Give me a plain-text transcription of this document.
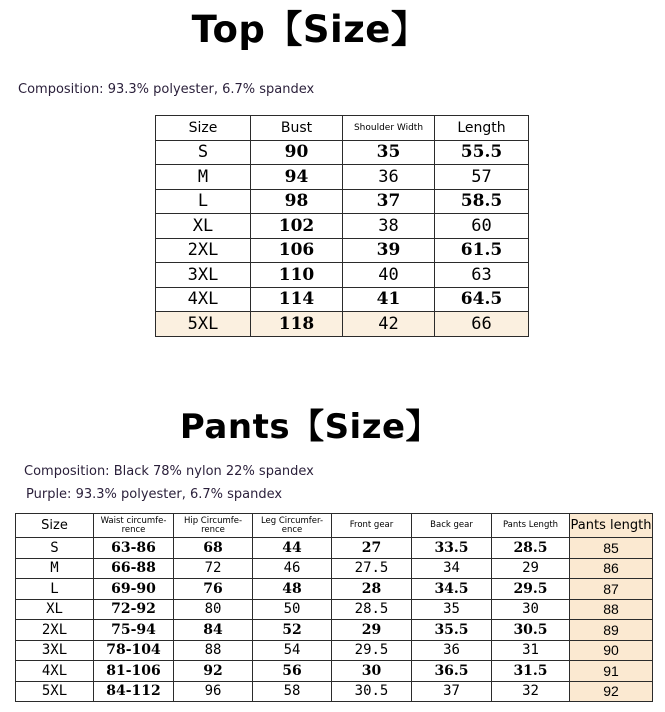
Top【Size】
Composition: 93.3% polyester, 6.7% spandex
Size	Bust	Shoulder Width	Length
S	90	35	55.5
M	94	36	57
L	98	37	58.5
XL	102	38	60
2XL	106	39	61.5
3XL	110	40	63
4XL	114	41	64.5
5XL	118	42	66
Pants【Size】
Composition: Black 78% nylon 22% spandex
Purple: 93.3% polyester, 6.7% spandex
Size	Waist circumfe-rence	Hip Circumfe-rence	Leg Circumfer-ence	Front gear	Back gear	Pants Length	Pants length
S	63-86	68	44	27	33.5	28.5	85
M	66-88	72	46	27.5	34	29	86
L	69-90	76	48	28	34.5	29.5	87
XL	72-92	80	50	28.5	35	30	88
2XL	75-94	84	52	29	35.5	30.5	89
3XL	78-104	88	54	29.5	36	31	90
4XL	81-106	92	56	30	36.5	31.5	91
5XL	84-112	96	58	30.5	37	32	92
